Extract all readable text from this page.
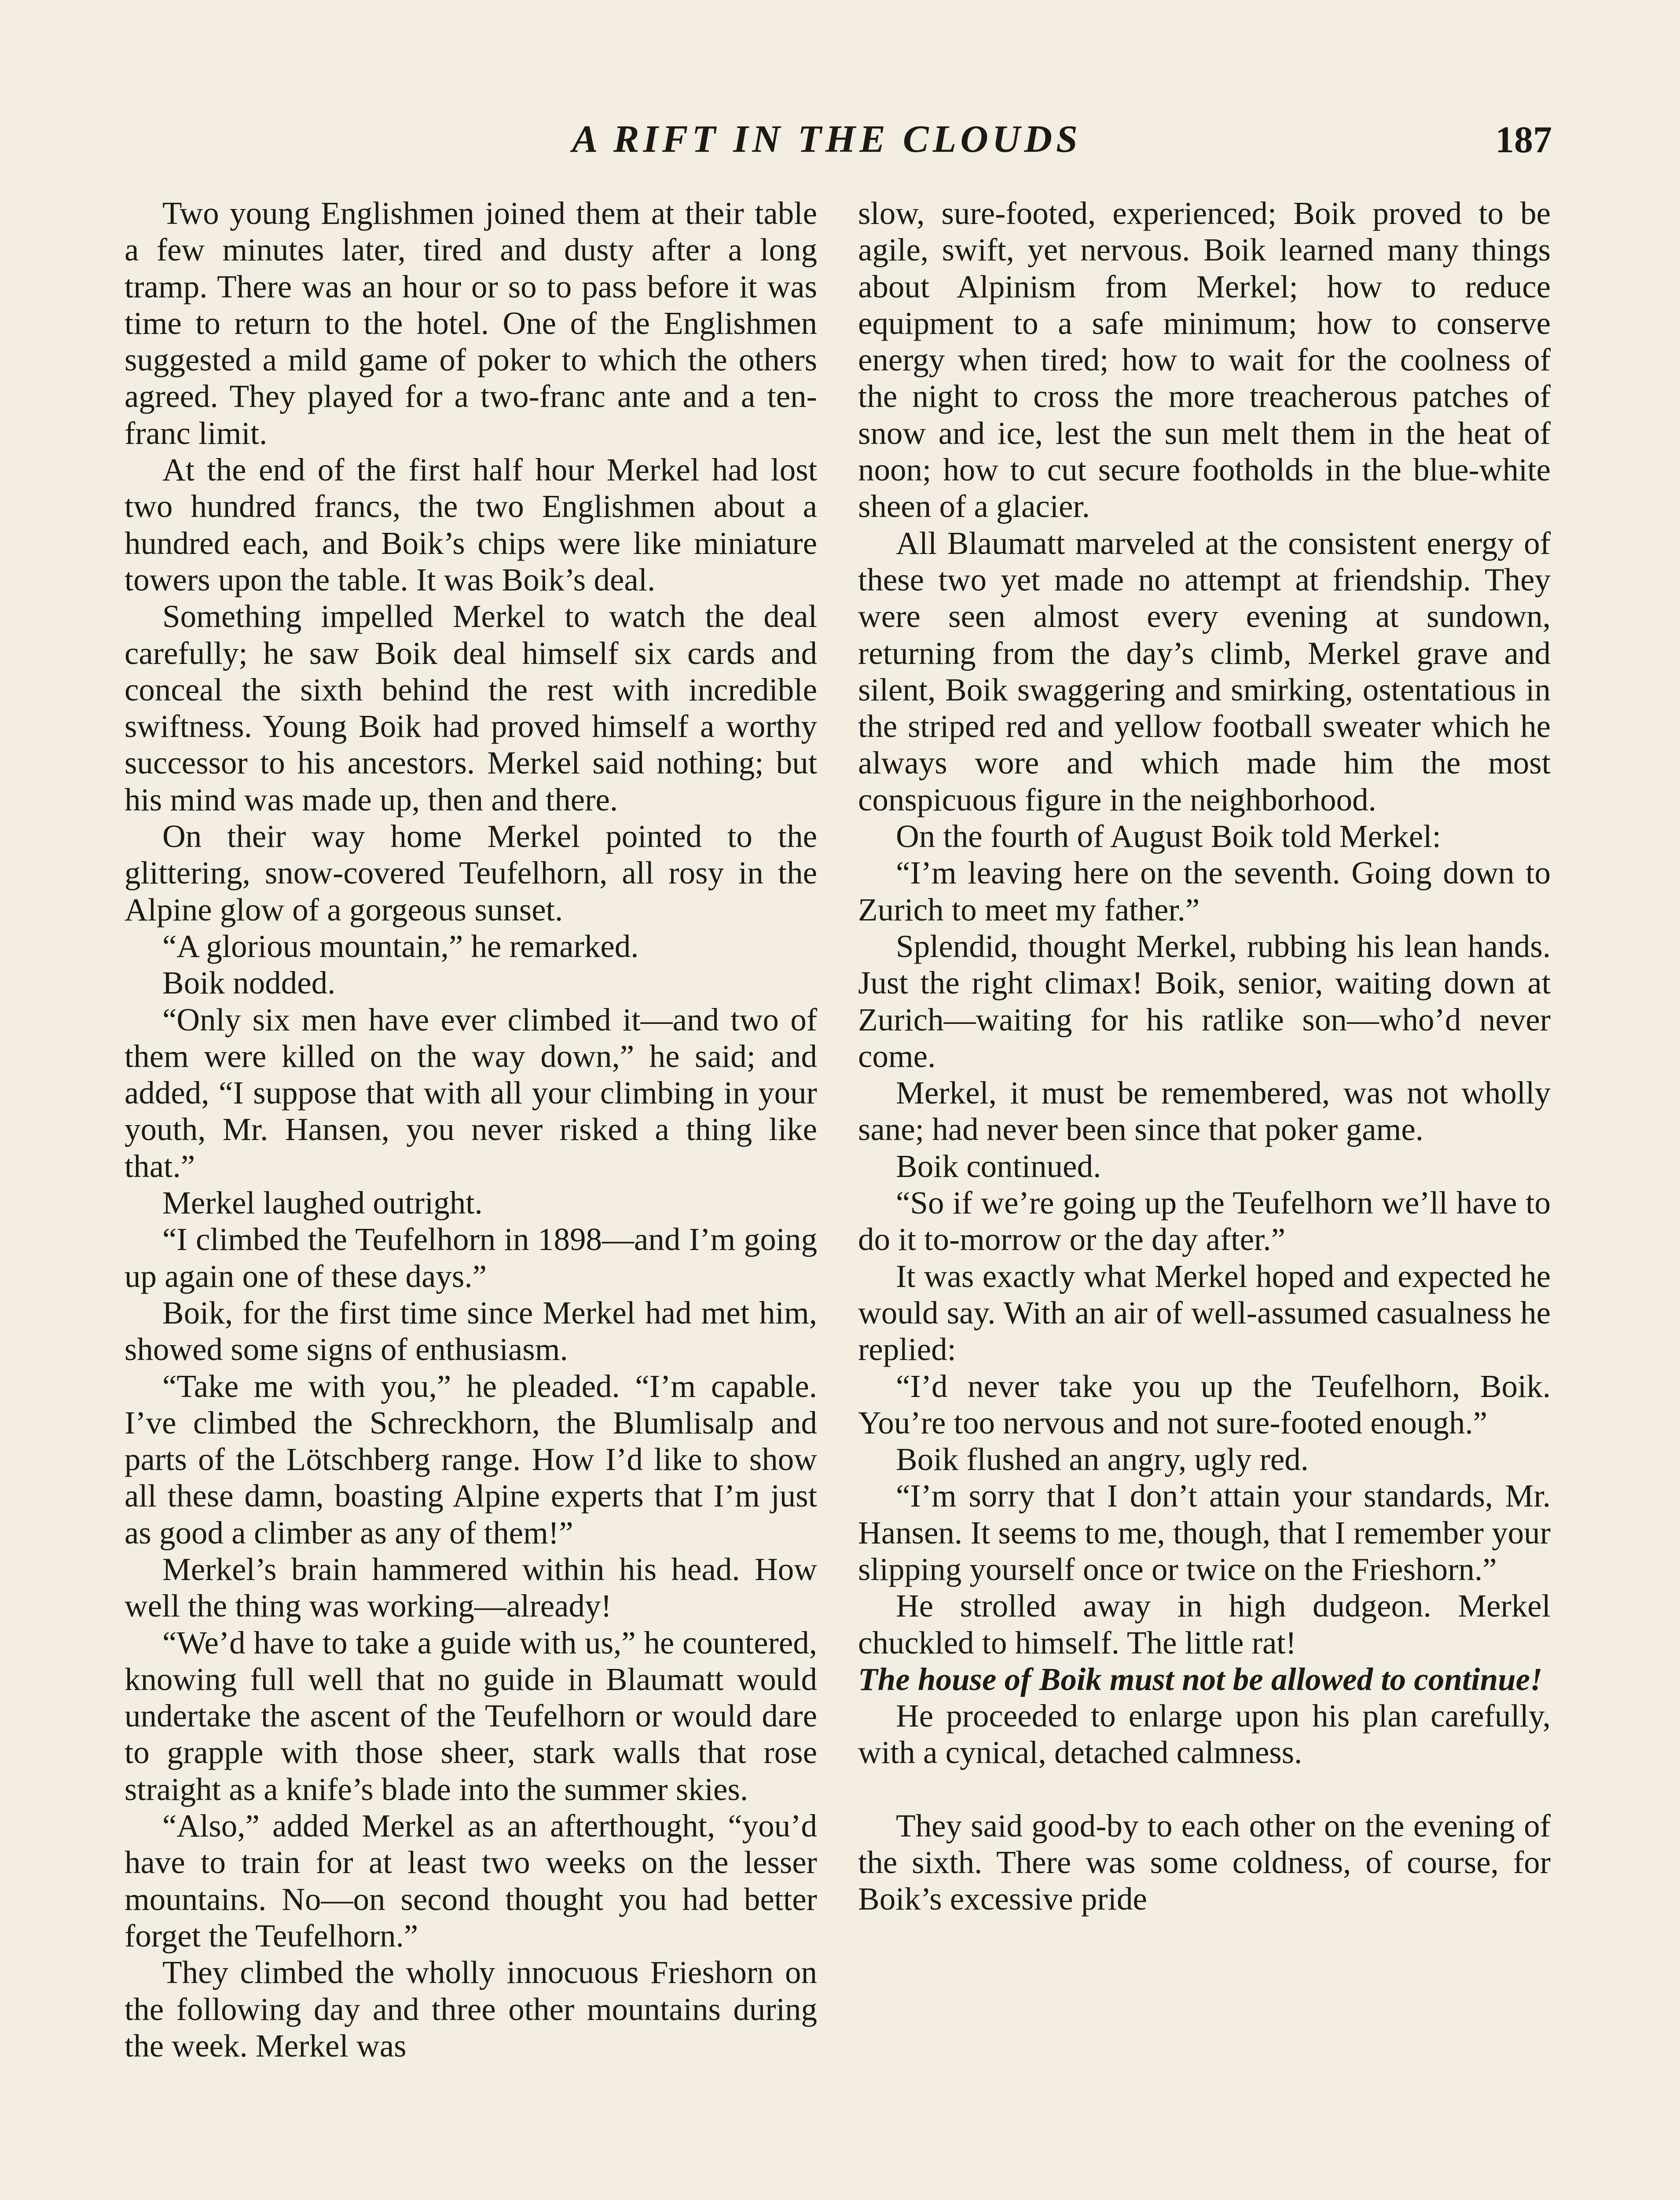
A RIFT IN THE CLOUDS	187

Two young Englishmen joined them at their table a few minutes later, tired and dusty after a long tramp. There was an hour or so to pass before it was time to return to the hotel. One of the Englishmen suggested a mild game of poker to which the others agreed. They played for a two-franc ante and a ten-franc limit.

At the end of the first half hour Merkel had lost two hundred francs, the two Englishmen about a hundred each, and Boik’s chips were like miniature towers upon the table. It was Boik’s deal.

Something impelled Merkel to watch the deal carefully; he saw Boik deal himself six cards and conceal the sixth behind the rest with incredible swiftness. Young Boik had proved himself a worthy successor to his ancestors. Merkel said nothing; but his mind was made up, then and there.

On their way home Merkel pointed to the glittering, snow-covered Teufelhorn, all rosy in the Alpine glow of a gorgeous sunset.

“A glorious mountain,” he remarked.

Boik nodded.

“Only six men have ever climbed it—and two of them were killed on the way down,” he said; and added, “I suppose that with all your climbing in your youth, Mr. Hansen, you never risked a thing like that.”

Merkel laughed outright.

“I climbed the Teufelhorn in 1898—and I’m going up again one of these days.”

Boik, for the first time since Merkel had met him, showed some signs of enthusiasm.

“Take me with you,” he pleaded. “I’m capable. I’ve climbed the Schreckhorn, the Blumlisalp and parts of the Lötschberg range. How I’d like to show all these damn, boasting Alpine experts that I’m just as good a climber as any of them!”

Merkel’s brain hammered within his head. How well the thing was working—already!

“We’d have to take a guide with us,” he countered, knowing full well that no guide in Blaumatt would undertake the ascent of the Teufelhorn or would dare to grapple with those sheer, stark walls that rose straight as a knife’s blade into the summer skies.

“Also,” added Merkel as an afterthought, “you’d have to train for at least two weeks on the lesser mountains. No—on second thought you had better forget the Teufelhorn.”

They climbed the wholly innocuous Frieshorn on the following day and three other mountains during the week. Merkel was

slow, sure-footed, experienced; Boik proved to be agile, swift, yet nervous. Boik learned many things about Alpinism from Merkel; how to reduce equipment to a safe minimum; how to conserve energy when tired; how to wait for the coolness of the night to cross the more treacherous patches of snow and ice, lest the sun melt them in the heat of noon; how to cut secure footholds in the blue-white sheen of a glacier.

All Blaumatt marveled at the consistent energy of these two yet made no attempt at friendship. They were seen almost every evening at sundown, returning from the day’s climb, Merkel grave and silent, Boik swaggering and smirking, ostentatious in the striped red and yellow football sweater which he always wore and which made him the most conspicuous figure in the neighborhood.

On the fourth of August Boik told Merkel:

“I’m leaving here on the seventh. Going down to Zurich to meet my father.”

Splendid, thought Merkel, rubbing his lean hands. Just the right climax! Boik, senior, waiting down at Zurich—waiting for his ratlike son—who’d never come.

Merkel, it must be remembered, was not wholly sane; had never been since that poker game.

Boik continued.

“So if we’re going up the Teufelhorn we’ll have to do it to-morrow or the day after.”

It was exactly what Merkel hoped and expected he would say. With an air of well-assumed casualness he replied:

“I’d never take you up the Teufelhorn, Boik. You’re too nervous and not sure-footed enough.”

Boik flushed an angry, ugly red.

“I’m sorry that I don’t attain your standards, Mr. Hansen. It seems to me, though, that I remember your slipping yourself once or twice on the Frieshorn.”

He strolled away in high dudgeon. Merkel chuckled to himself. The little rat!

The house of Boik must not be allowed to continue!

He proceeded to enlarge upon his plan carefully, with a cynical, detached calmness.

They said good-by to each other on the evening of the sixth. There was some coldness, of course, for Boik’s excessive pride
